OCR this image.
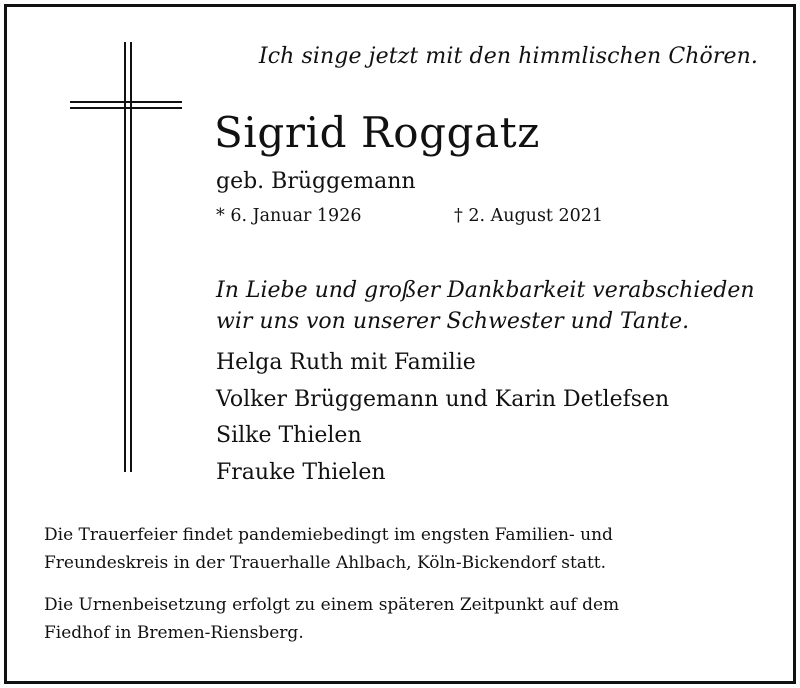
Ich singe jetzt mit den himmlischen Chören.
Sigrid Roggatz
geb. Brüggemann
* 6. Januar 1926	† 2. August 2021
In Liebe und großer Dankbarkeit verabschieden
wir uns von unserer Schwester und Tante.
Helga Ruth mit Familie
Volker Brüggemann und Karin Detlefsen
Silke Thielen
Frauke Thielen
Die Trauerfeier findet pandemiebedingt im engsten Familien- und
Freundeskreis in der Trauerhalle Ahlbach, Köln-Bickendorf statt.
Die Urnenbeisetzung erfolgt zu einem späteren Zeitpunkt auf dem
Fiedhof in Bremen-Riensberg.
